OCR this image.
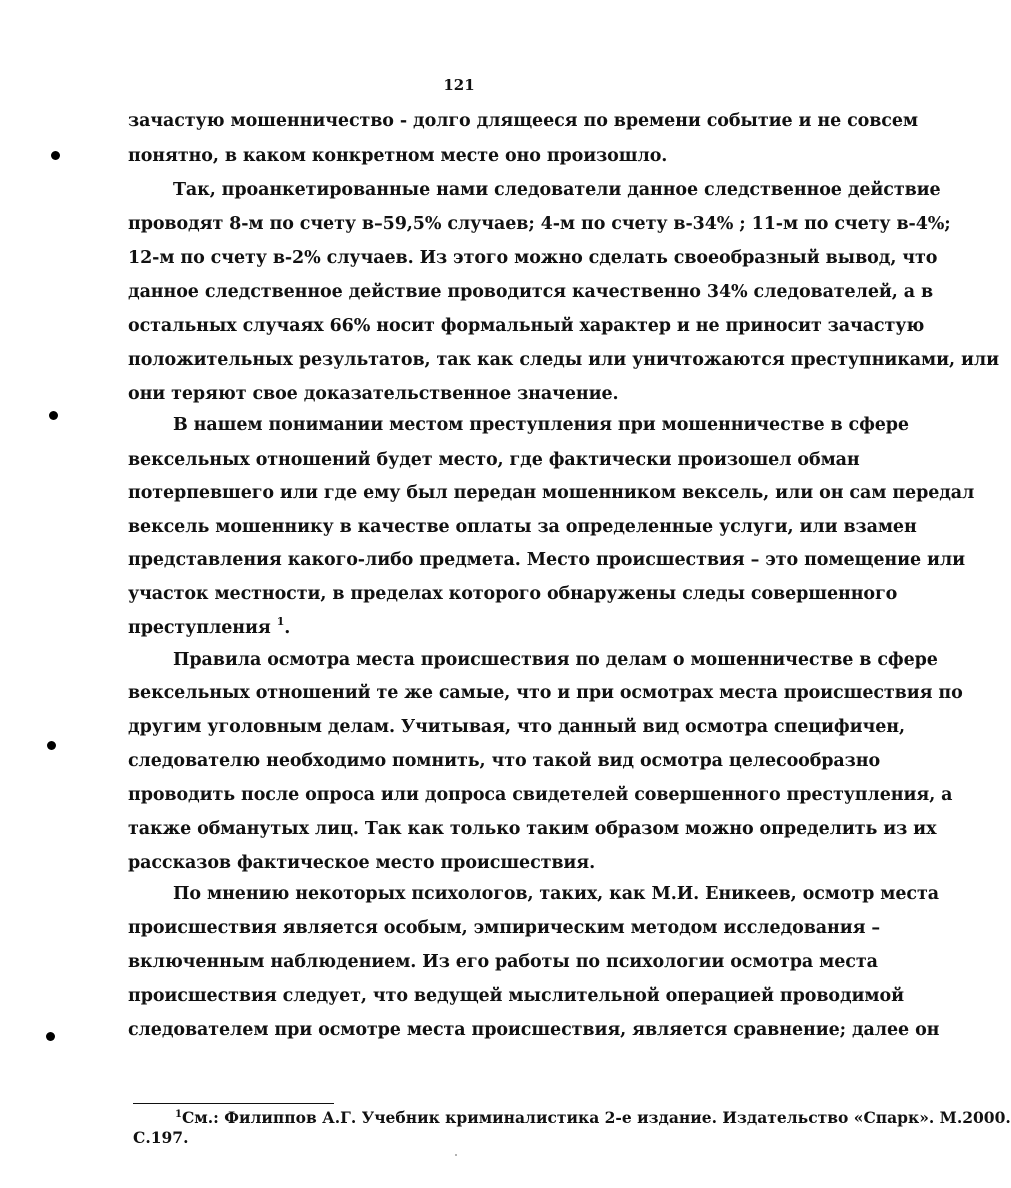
121
зачастую мошенничество - долго длящееся по времени событие и не совсем
понятно, в каком конкретном месте оно произошло.
Так, проанкетированные нами следователи данное следственное действие
проводят 8-м по счету в–59,5% случаев; 4-м по счету в-34% ; 11-м по счету в-4%;
12-м по счету в-2% случаев. Из этого можно сделать своеобразный вывод, что
данное следственное действие проводится качественно 34% следователей, а в
остальных случаях 66% носит формальный характер и не приносит зачастую
положительных результатов, так как следы или уничтожаются преступниками, или
они теряют свое доказательственное значение.
В нашем понимании местом преступления при мошенничестве в сфере
вексельных отношений будет место, где фактически произошел обман
потерпевшего или где ему был передан мошенником вексель, или он сам передал
вексель мошеннику в качестве оплаты за определенные услуги, или взамен
представления какого-либо предмета. Место происшествия – это помещение или
участок местности, в пределах которого обнаружены следы совершенного
преступления $^1$.
Правила осмотра места происшествия по делам о мошенничестве в сфере
вексельных отношений те же самые, что и при осмотрах места происшествия по
другим уголовным делам. Учитывая, что данный вид осмотра специфичен,
следователю необходимо помнить, что такой вид осмотра целесообразно
проводить после опроса или допроса свидетелей совершенного преступления, а
также обманутых лиц. Так как только таким образом можно определить из их
рассказов фактическое место происшествия.
По мнению некоторых психологов, таких, как М.И. Еникеев, осмотр места
происшествия является особым, эмпирическим методом исследования –
включенным наблюдением. Из его работы по психологии осмотра места
происшествия следует, что ведущей мыслительной операцией проводимой
следователем при осмотре места происшествия, является сравнение; далее он
$^1$См.: Филиппов А.Г. Учебник криминалистика 2-е издание. Издательство «Спарк». М.2000.
С.197.
